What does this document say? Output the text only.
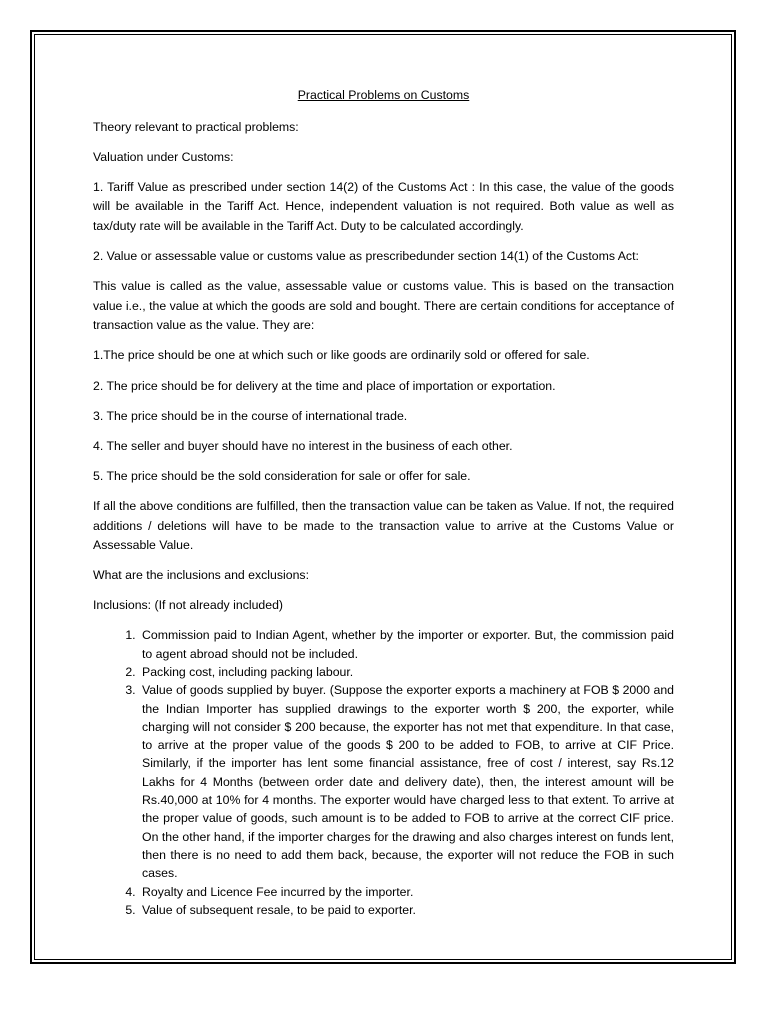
Practical Problems on Customs

Theory relevant to practical problems:

Valuation under Customs:

1. Tariff Value as prescribed under section 14(2) of the Customs Act : In this case, the value of the goods will be available in the Tariff Act. Hence, independent valuation is not required. Both value as well as tax/duty rate will be available in the Tariff Act. Duty to be calculated accordingly.

2. Value or assessable value or customs value as prescribedunder section 14(1) of the Customs Act:

This value is called as the value, assessable value or customs value. This is based on the transaction value i.e., the value at which the goods are sold and bought. There are certain conditions for acceptance of transaction value as the value. They are:

1.The price should be one at which such or like goods are ordinarily sold or offered for sale.

2. The price should be for delivery at the time and place of importation or exportation.

3. The price should be in the course of international trade.

4. The seller and buyer should have no interest in the business of each other.

5. The price should be the sold consideration for sale or offer for sale.

If all the above conditions are fulfilled, then the transaction value can be taken as Value. If not, the required additions / deletions will have to be made to the transaction value to arrive at the Customs Value or Assessable Value.

What are the inclusions and exclusions:

Inclusions: (If not already included)

1. Commission paid to Indian Agent, whether by the importer or exporter. But, the commission paid to agent abroad should not be included.
2. Packing cost, including packing labour.
3. Value of goods supplied by buyer. (Suppose the exporter exports a machinery at FOB $ 2000 and the Indian Importer has supplied drawings to the exporter worth $ 200, the exporter, while charging will not consider $ 200 because, the exporter has not met that expenditure. In that case, to arrive at the proper value of the goods $ 200 to be added to FOB, to arrive at CIF Price. Similarly, if the importer has lent some financial assistance, free of cost / interest, say Rs.12 Lakhs for 4 Months (between order date and delivery date), then, the interest amount will be Rs.40,000 at 10% for 4 months. The exporter would have charged less to that extent. To arrive at the proper value of goods, such amount is to be added to FOB to arrive at the correct CIF price. On the other hand, if the importer charges for the drawing and also charges interest on funds lent, then there is no need to add them back, because, the exporter will not reduce the FOB in such cases.
4. Royalty and Licence Fee incurred by the importer.
5. Value of subsequent resale, to be paid to exporter.
